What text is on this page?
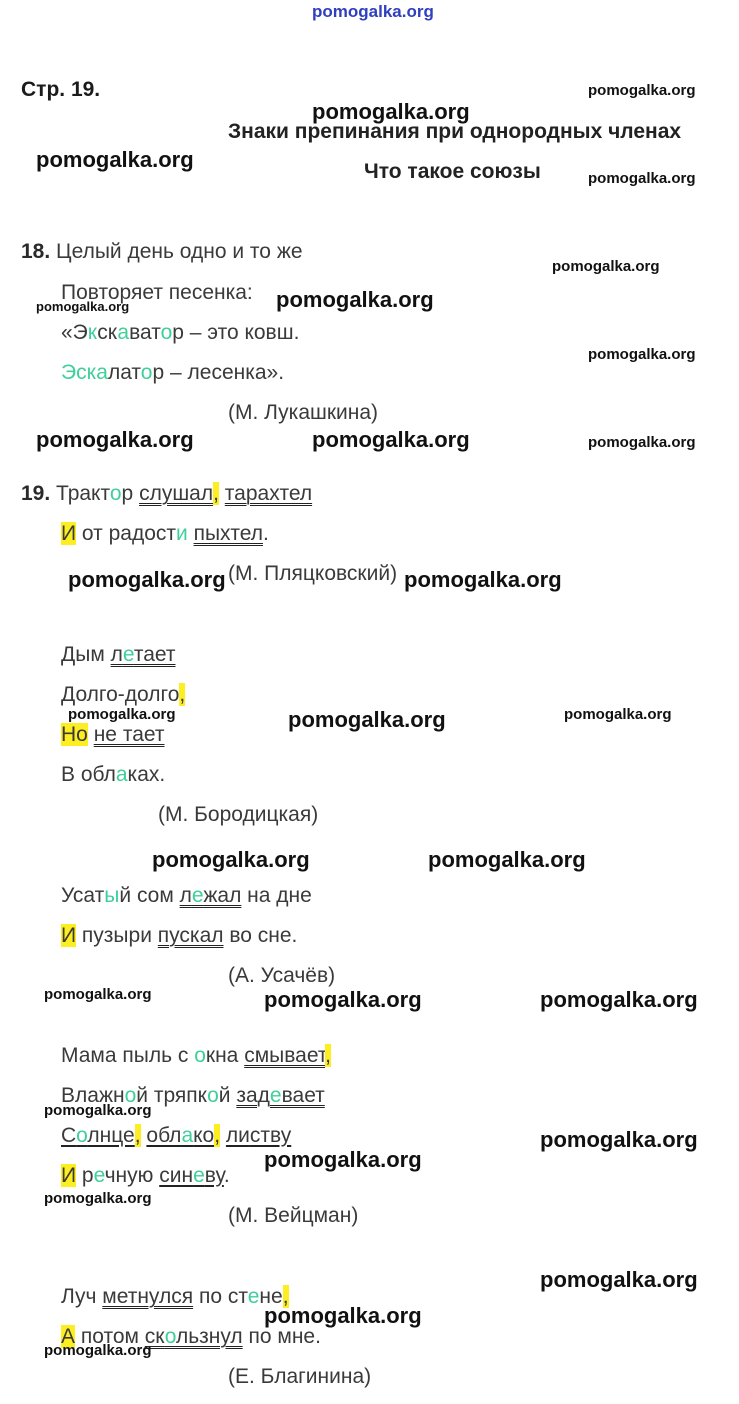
pomogalka.org
Стр. 19.
Знаки препинания при однородных членах
Что такое союзы
18. Целый день одно и то же
Повторяет песенка:
«Экскаватор – это ковш.
Эскалатор – лесенка».
(М. Лукашкина)
19. Трактор слушал, тарахтел
И от радости пыхтел.
(М. Пляцковский)
Дым летает
Долго-долго,
Но не тает
В облаках.
(М. Бородицкая)
Усатый сом лежал на дне
И пузыри пускал во сне.
(А. Усачёв)
Мама пыль с окна смывает,
Влажной тряпкой задевает
Солнце, облако, листву
И речную синеву.
(М. Вейцман)
Луч метнулся по стене,
А потом скользнул по мне.
(Е. Благинина)
pomogalka.org
pomogalka.org
pomogalka.org
pomogalka.org
pomogalka.org
pomogalka.org
pomogalka.org
pomogalka.org
pomogalka.org	pomogalka.org	pomogalka.org
pomogalka.org	pomogalka.org
pomogalka.org	pomogalka.org	pomogalka.org
pomogalka.org	pomogalka.org
pomogalka.org	pomogalka.org	pomogalka.org
pomogalka.org
pomogalka.org
pomogalka.org
pomogalka.org
pomogalka.org
pomogalka.org
pomogalka.org
